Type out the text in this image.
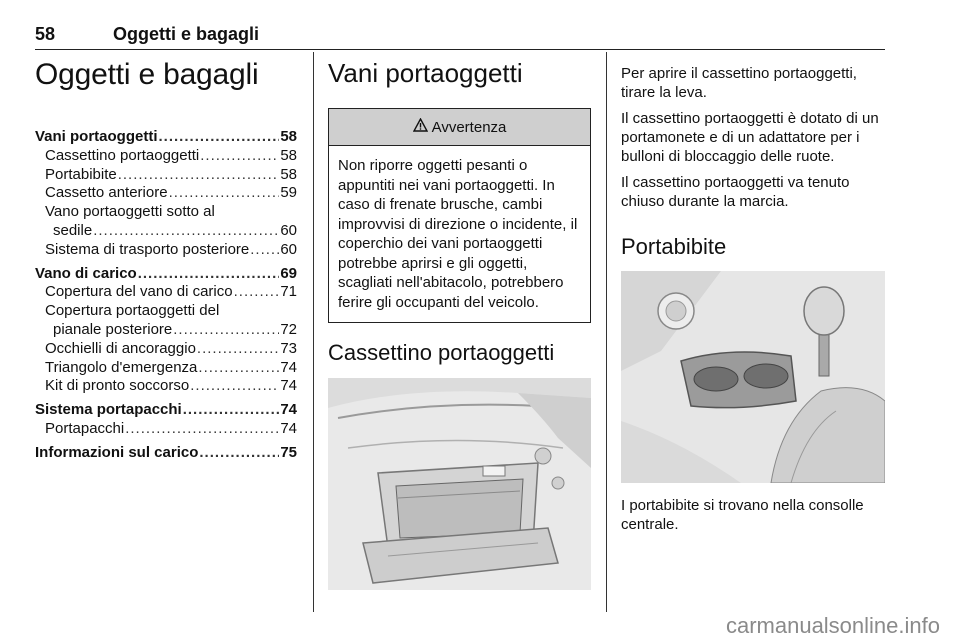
58	Oggetti e bagagli
Oggetti e bagagli
Vani portaoggetti .....	58
Cassettino portaoggetti .....	58
Portabibite .....	58
Cassetto anteriore .....	59
Vano portaoggetti sotto al
sedile .....	60
Sistema di trasporto posteriore ..... 60
Vano di carico .....	69
Copertura del vano di carico .....	71
Copertura portaoggetti del
pianale posteriore .....	72
Occhielli di ancoraggio .....	73
Triangolo d'emergenza .....	74
Kit di pronto soccorso .....	74
Sistema portapacchi .....	74
Portapacchi .....	74
Informazioni sul carico .....	75
Vani portaoggetti
Avvertenza
Non riporre oggetti pesanti o appuntiti nei vani portaoggetti. In caso di frenate brusche, cambi improvvisi di direzione o incidente, il coperchio dei vani portaoggetti potrebbe aprirsi e gli oggetti, scagliati nell'abitacolo, potrebbero ferire gli occupanti del veicolo.
Cassettino portaoggetti

Per aprire il cassettino portaoggetti, tirare la leva.

Il cassettino portaoggetti è dotato di un portamonete e di un adattatore per i bulloni di bloccaggio delle ruote.

Il cassettino portaoggetti va tenuto chiuso durante la marcia.

Portabibite

I portabibite si trovano nella consolle centrale.

carmanualsonline.info
